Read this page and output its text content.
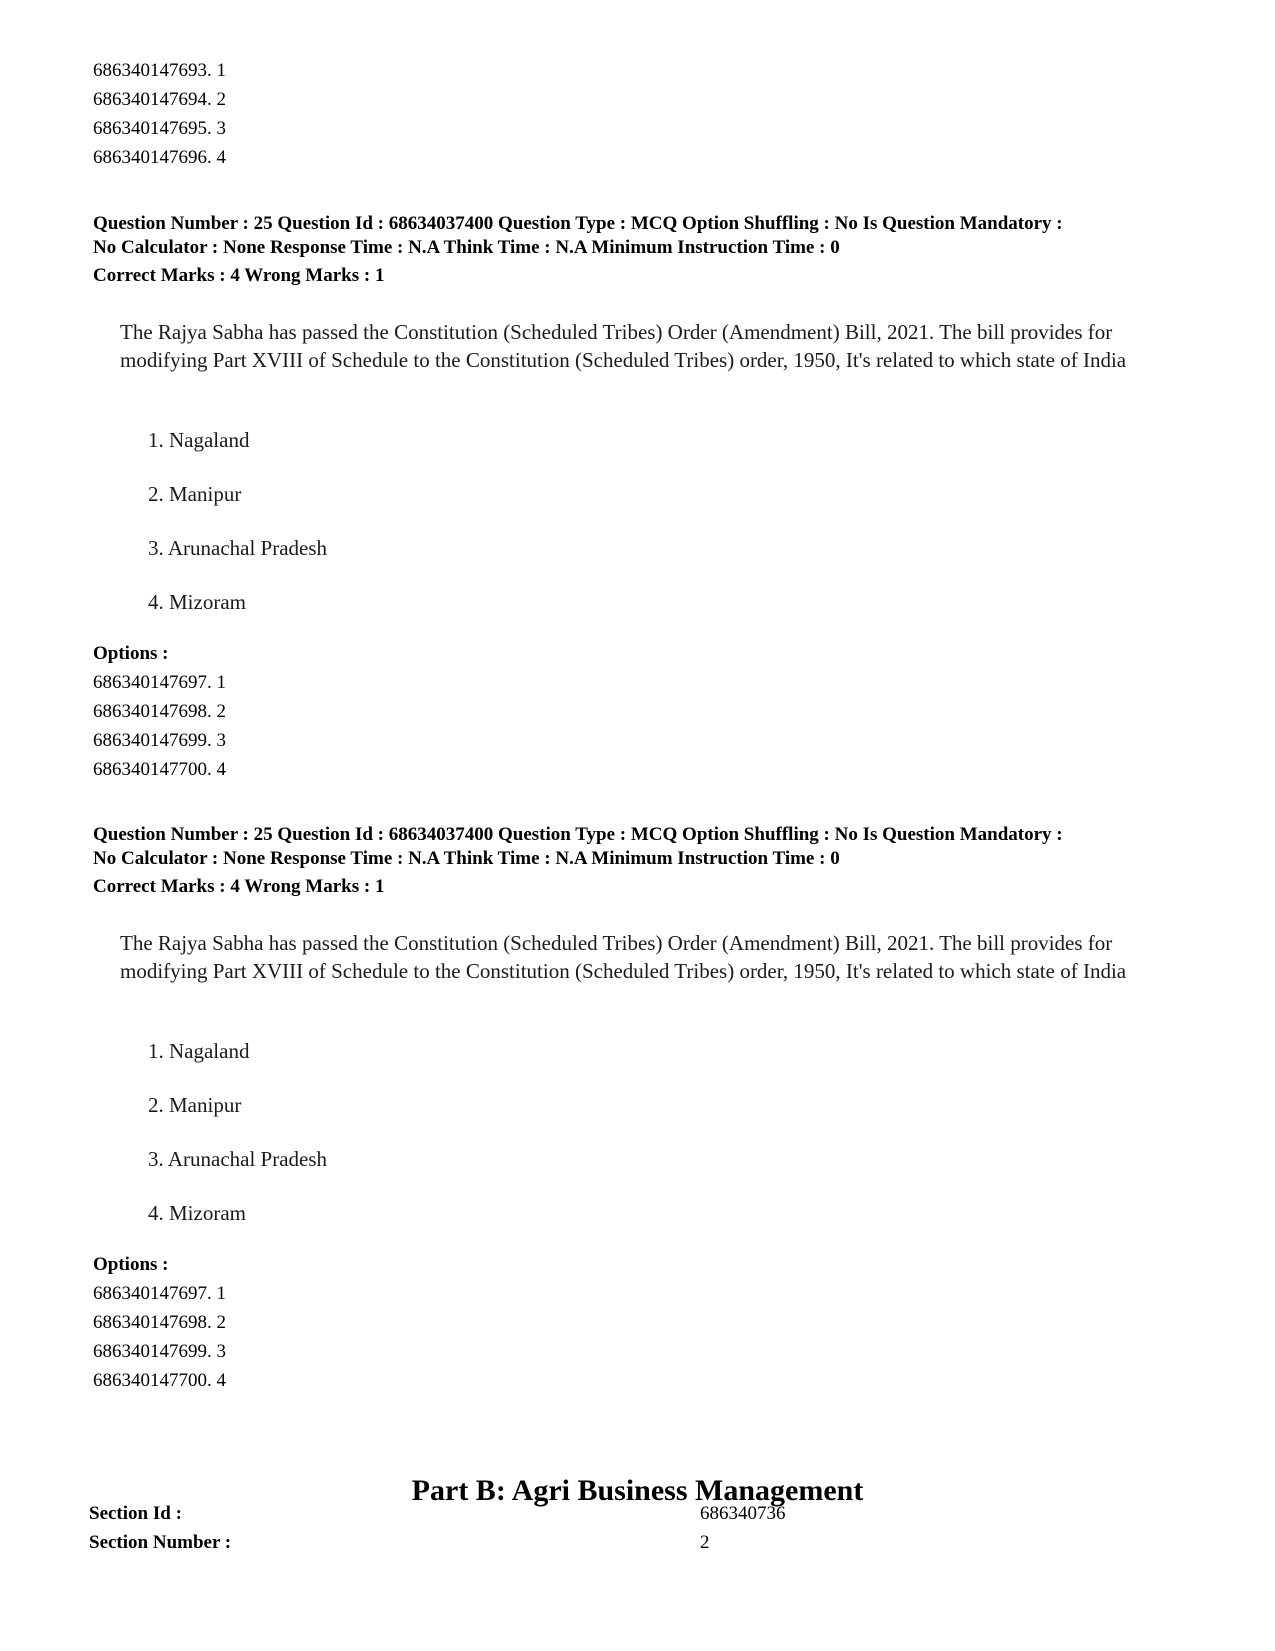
686340147693. 1
686340147694. 2
686340147695. 3
686340147696. 4
Question Number : 25 Question Id : 68634037400 Question Type : MCQ Option Shuffling : No Is Question Mandatory :
No Calculator : None Response Time : N.A Think Time : N.A Minimum Instruction Time : 0
Correct Marks : 4 Wrong Marks : 1
The Rajya Sabha has passed the Constitution (Scheduled Tribes) Order (Amendment) Bill, 2021. The bill provides for modifying Part XVIII of Schedule to the Constitution (Scheduled Tribes) order, 1950, It's related to which state of India
1. Nagaland
2. Manipur
3. Arunachal Pradesh
4. Mizoram
Options :
686340147697. 1
686340147698. 2
686340147699. 3
686340147700. 4
Question Number : 25 Question Id : 68634037400 Question Type : MCQ Option Shuffling : No Is Question Mandatory :
No Calculator : None Response Time : N.A Think Time : N.A Minimum Instruction Time : 0
Correct Marks : 4 Wrong Marks : 1
The Rajya Sabha has passed the Constitution (Scheduled Tribes) Order (Amendment) Bill, 2021. The bill provides for modifying Part XVIII of Schedule to the Constitution (Scheduled Tribes) order, 1950, It's related to which state of India
1. Nagaland
2. Manipur
3. Arunachal Pradesh
4. Mizoram
Options :
686340147697. 1
686340147698. 2
686340147699. 3
686340147700. 4
Part B: Agri Business Management
Section Id :	686340736
Section Number :	2
